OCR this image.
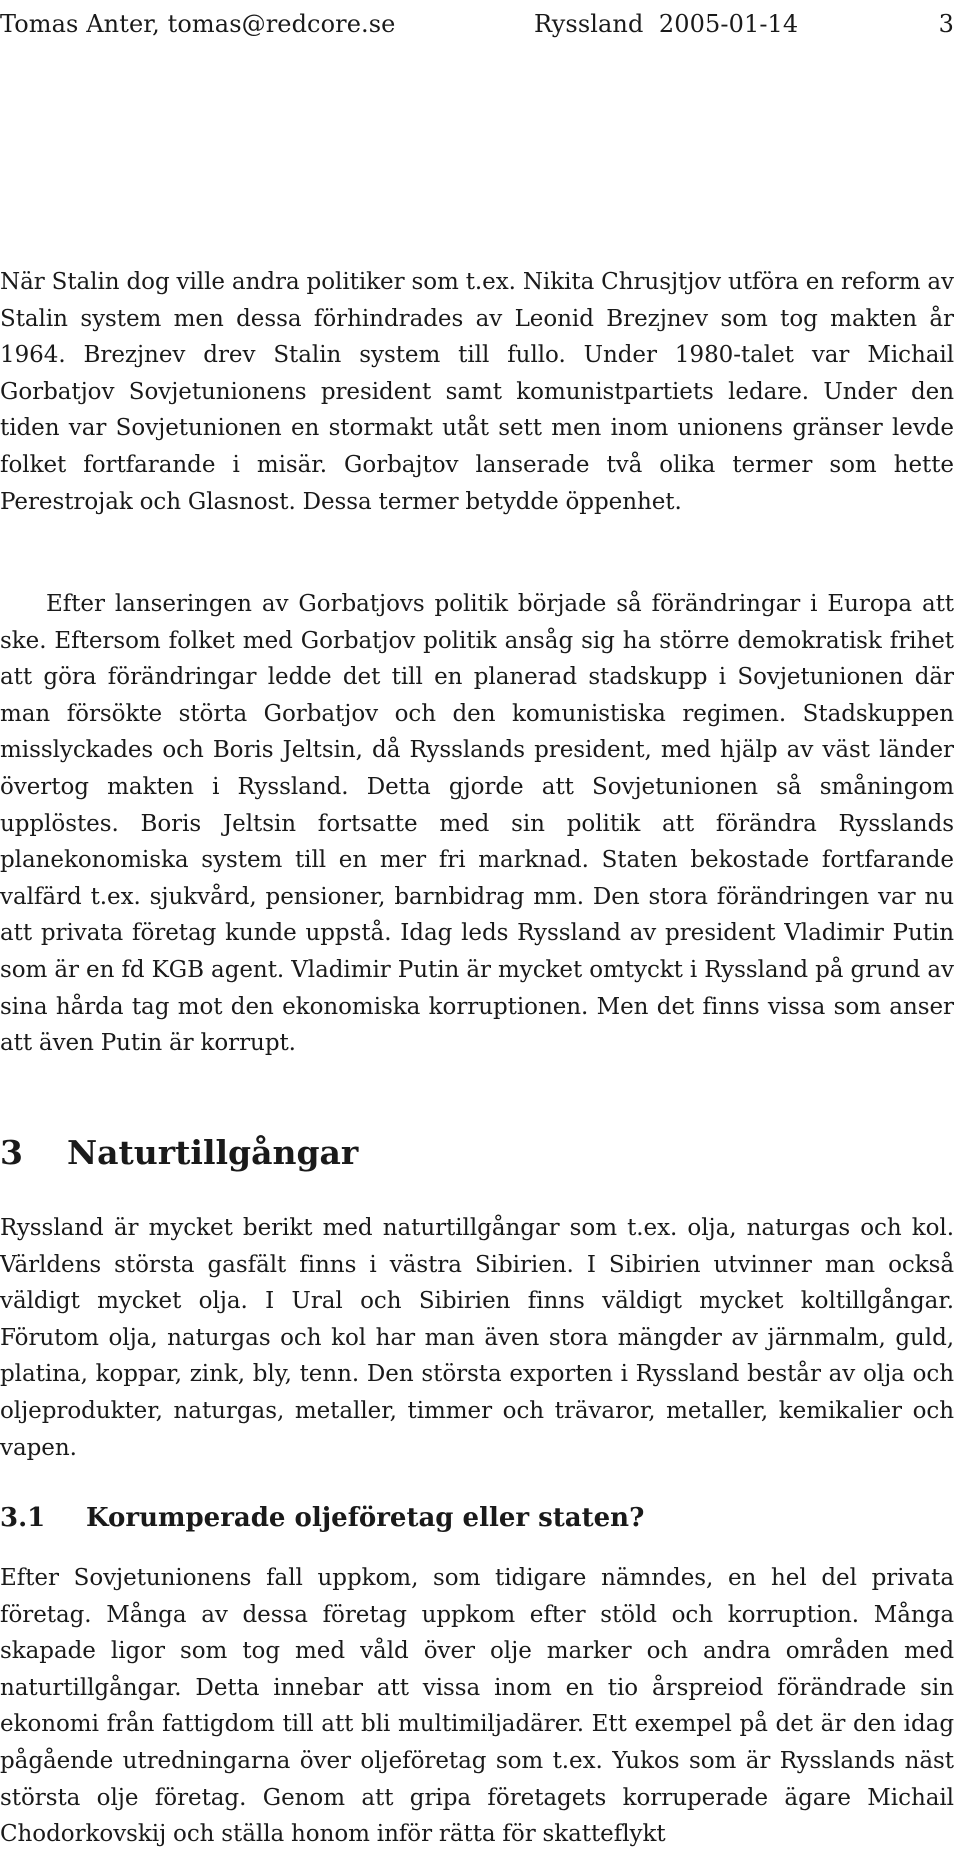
Tomas Anter, tomas@redcore.se	Ryssland  2005-01-14	3

När Stalin dog ville andra politiker som t.ex. Nikita Chrusjtjov utföra en reform av Stalin system men dessa förhindrades av Leonid Brezjnev som tog makten år 1964. Brezjnev drev Stalin system till fullo. Under 1980-talet var Michail Gorbatjov Sovjetunionens president samt komunistpartiets ledare. Under den tiden var Sovjetunionen en stormakt utåt sett men inom unionens gränser levde folket fortfarande i misär. Gorbajtov lanserade två olika termer som hette Perestrojak och Glasnost. Dessa termer betydde öppenhet.

Efter lanseringen av Gorbatjovs politik började så förändringar i Europa att ske. Eftersom folket med Gorbatjov politik ansåg sig ha större demokratisk frihet att göra förändringar ledde det till en planerad stadskupp i Sovjetunionen där man försökte störta Gorbatjov och den komunistiska regimen. Stadskuppen misslyckades och Boris Jeltsin, då Rysslands president, med hjälp av väst länder övertog makten i Ryssland. Detta gjorde att Sovjetunionen så småningom upplöstes. Boris Jeltsin fortsatte med sin politik att förändra Rysslands planekonomiska system till en mer fri marknad. Staten bekostade fortfarande valfärd t.ex. sjukvård, pensioner, barnbidrag mm. Den stora förändringen var nu att privata företag kunde uppstå. Idag leds Ryssland av president Vladimir Putin som är en fd KGB agent. Vladimir Putin är mycket omtyckt i Ryssland på grund av sina hårda tag mot den ekonomiska korruptionen. Men det finns vissa som anser att även Putin är korrupt.

3 Naturtillgångar

Ryssland är mycket berikt med naturtillgångar som t.ex. olja, naturgas och kol. Världens största gasfält finns i västra Sibirien. I Sibirien utvinner man också väldigt mycket olja. I Ural och Sibirien finns väldigt mycket koltillgångar. Förutom olja, naturgas och kol har man även stora mängder av järnmalm, guld, platina, koppar, zink, bly, tenn. Den största exporten i Ryssland består av olja och oljeprodukter, naturgas, metaller, timmer och trävaror, metaller, kemikalier och vapen.

3.1 Korumperade oljeföretag eller staten?

Efter Sovjetunionens fall uppkom, som tidigare nämndes, en hel del privata företag. Många av dessa företag uppkom efter stöld och korruption. Många skapade ligor som tog med våld över olje marker och andra områden med naturtillgångar. Detta innebar att vissa inom en tio årspreiod förändrade sin ekonomi från fattigdom till att bli multimiljadärer. Ett exempel på det är den idag pågående utredningarna över oljeföretag som t.ex. Yukos som är Rysslands näst största olje företag. Genom att gripa företagets korruperade ägare Michail Chodorkovskij och ställa honom inför rätta för skatteflykt
